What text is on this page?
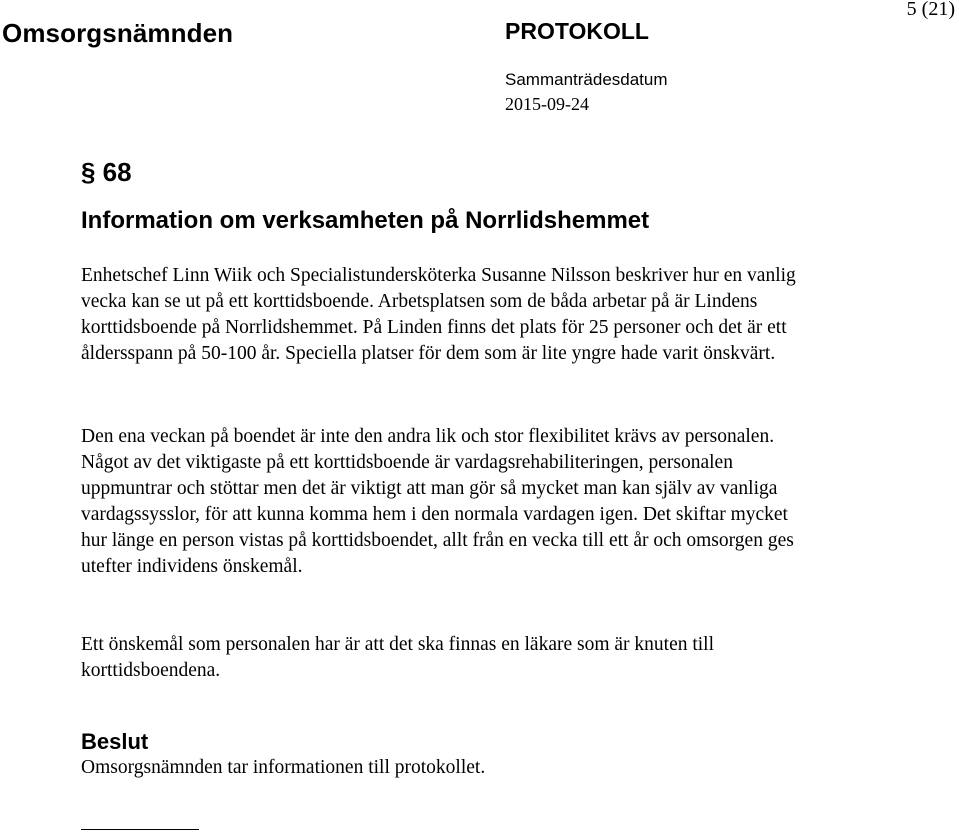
Omsorgsnämnden	PROTOKOLL
5 (21)
Sammanträdesdatum
2015-09-24
§ 68
Information om verksamheten på Norrlidshemmet

Enhetschef Linn Wiik och Specialistundersköterka Susanne Nilsson beskriver hur en vanlig vecka kan se ut på ett korttidsboende. Arbetsplatsen som de båda arbetar på är Lindens korttidsboende på Norrlidshemmet. På Linden finns det plats för 25 personer och det är ett åldersspann på 50-100 år. Speciella platser för dem som är lite yngre hade varit önskvärt.

Den ena veckan på boendet är inte den andra lik och stor flexibilitet krävs av personalen. Något av det viktigaste på ett korttidsboende är vardagsrehabiliteringen, personalen uppmuntrar och stöttar men det är viktigt att man gör så mycket man kan själv av vanliga vardagssysslor, för att kunna komma hem i den normala vardagen igen. Det skiftar mycket hur länge en person vistas på korttidsboendet, allt från en vecka till ett år och omsorgen ges utefter individens önskemål.

Ett önskemål som personalen har är att det ska finnas en läkare som är knuten till korttidsboendena.

Beslut
Omsorgsnämnden tar informationen till protokollet.
